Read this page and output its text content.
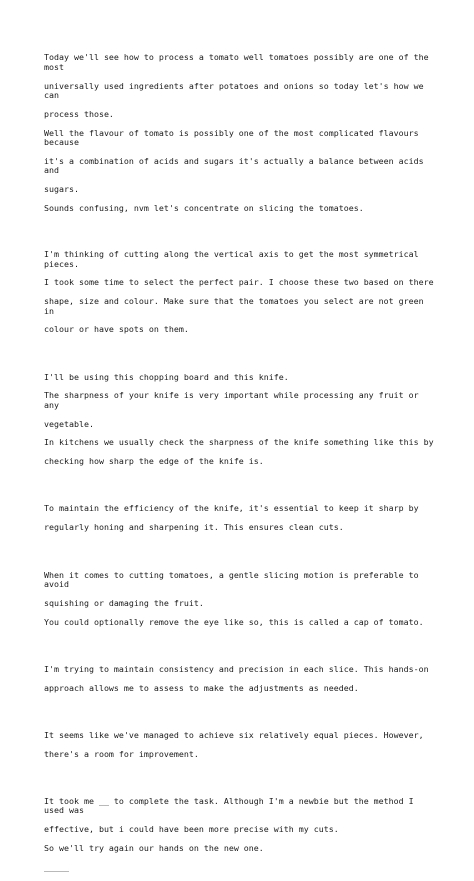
Today we'll see how to process a tomato well tomatoes possibly are one of the most

universally used ingredients after potatoes and onions so today let's how we can

process those.

Well the flavour of tomato is possibly one of the most complicated flavours because

it's a combination of acids and sugars it's actually a balance between acids and

sugars.

Sounds confusing, nvm let's concentrate on slicing the tomatoes.

I'm thinking of cutting along the vertical axis to get the most symmetrical pieces.

I took some time to select the perfect pair. I choose these two based on there

shape, size and colour. Make sure that the tomatoes you select are not green in

colour or have spots on them.

I'll be using this chopping board and this knife.

The sharpness of your knife is very important while processing any fruit or any

vegetable.

In kitchens we usually check the sharpness of the knife something like this by

checking how sharp the edge of the knife is.

To maintain the efficiency of the knife, it's essential to keep it sharp by

regularly honing and sharpening it. This ensures clean cuts.

When it comes to cutting tomatoes, a gentle slicing motion is preferable to avoid

squishing or damaging the fruit.

You could optionally remove the eye like so, this is called a cap of tomato.

I'm trying to maintain consistency and precision in each slice. This hands-on

approach allows me to assess to make the adjustments as needed.

It seems like we've managed to achieve six relatively equal pieces. However,

there's a room for improvement.

It took me __ to complete the task. Although I'm a newbie but the method I used was

effective, but i could have been more precise with my cuts.

So we'll try again our hands on the new one.

_____
